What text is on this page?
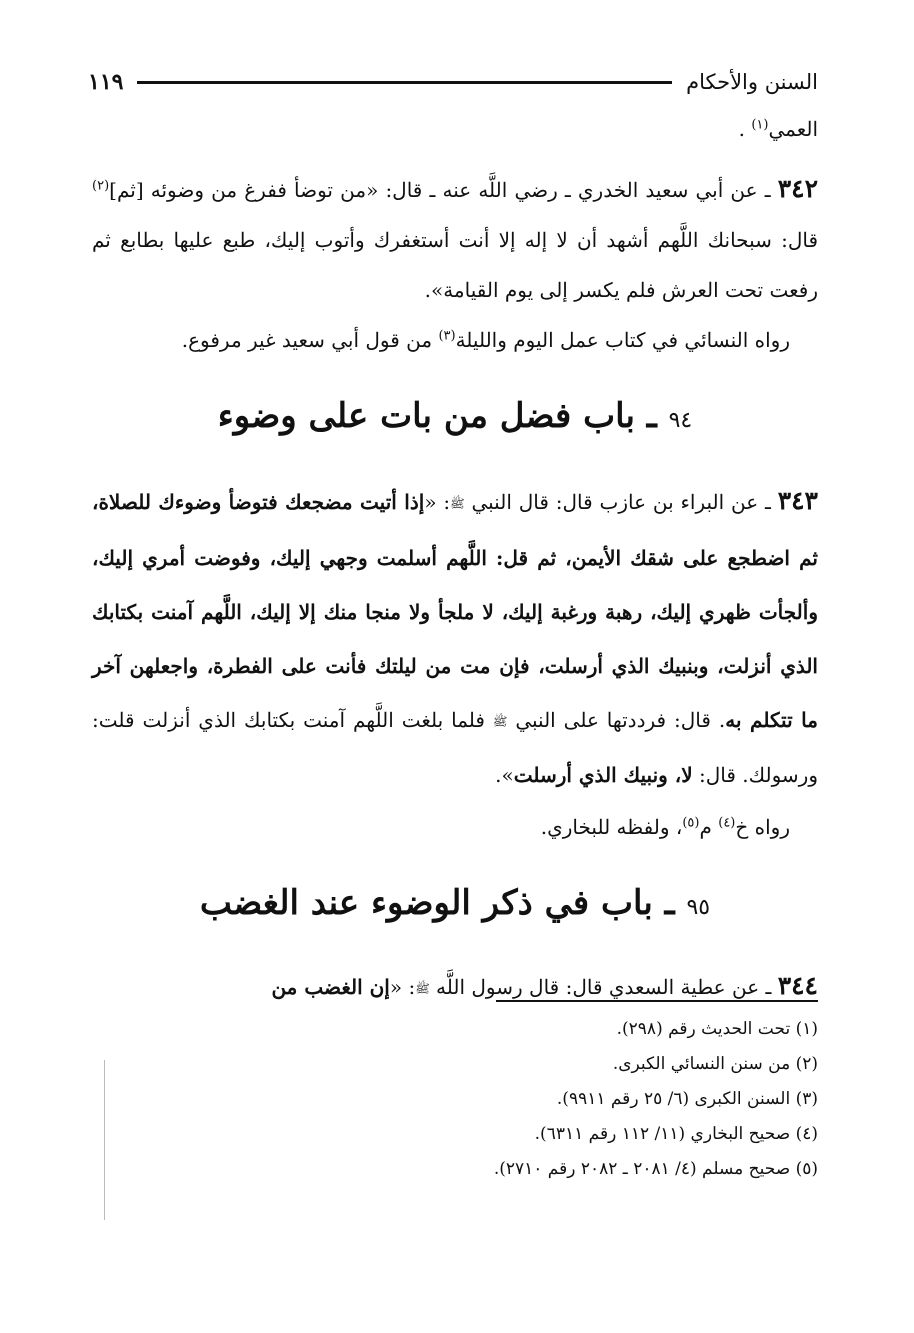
السنن والأحكام
١١٩

العمي$^{(١)}$ .

٣٤٢ ـ عن أبي سعيد الخدري ـ رضي اللَّه عنه ـ قال: «من توضأ ففرغ من وضوئه [ثم]$^{(٢)}$ قال: سبحانك اللَّهم أشهد أن لا إله إلا أنت أستغفرك وأتوب إليك، طبع عليها بطابع ثم رفعت تحت العرش فلم يكسر إلى يوم القيامة».

رواه النسائي في كتاب عمل اليوم والليلة$^{(٣)}$ من قول أبي سعيد غير مرفوع.

٩٤ ـ باب فضل من بات على وضوء

٣٤٣ ـ عن البراء بن عازب قال: قال النبي ﷺ: «إذا أتيت مضجعك فتوضأ وضوءك للصلاة، ثم اضطجع على شقك الأيمن، ثم قل: اللَّهم أسلمت وجهي إليك، وفوضت أمري إليك، وألجأت ظهري إليك، رهبة ورغبة إليك، لا ملجأ ولا منجا منك إلا إليك، اللَّهم آمنت بكتابك الذي أنزلت، وبنبيك الذي أرسلت، فإن مت من ليلتك فأنت على الفطرة، واجعلهن آخر ما تتكلم به. قال: فرددتها على النبي ﷺ فلما بلغت اللَّهم آمنت بكتابك الذي أنزلت قلت: ورسولك. قال: لا، ونبيك الذي أرسلت».

رواه خ$^{(٤)}$ م$^{(٥)}$، ولفظه للبخاري.

٩٥ ـ باب في ذكر الوضوء عند الغضب

٣٤٤ ـ عن عطية السعدي قال: قال رسول اللَّه ﷺ: «إن الغضب من

(١) تحت الحديث رقم (٢٩٨).
(٢) من سنن النسائي الكبرى.
(٣) السنن الكبرى (٦/ ٢٥ رقم ٩٩١١).
(٤) صحيح البخاري (١١/ ١١٢ رقم ٦٣١١).
(٥) صحيح مسلم (٤/ ٢٠٨١ ـ ٢٠٨٢ رقم ٢٧١٠).
